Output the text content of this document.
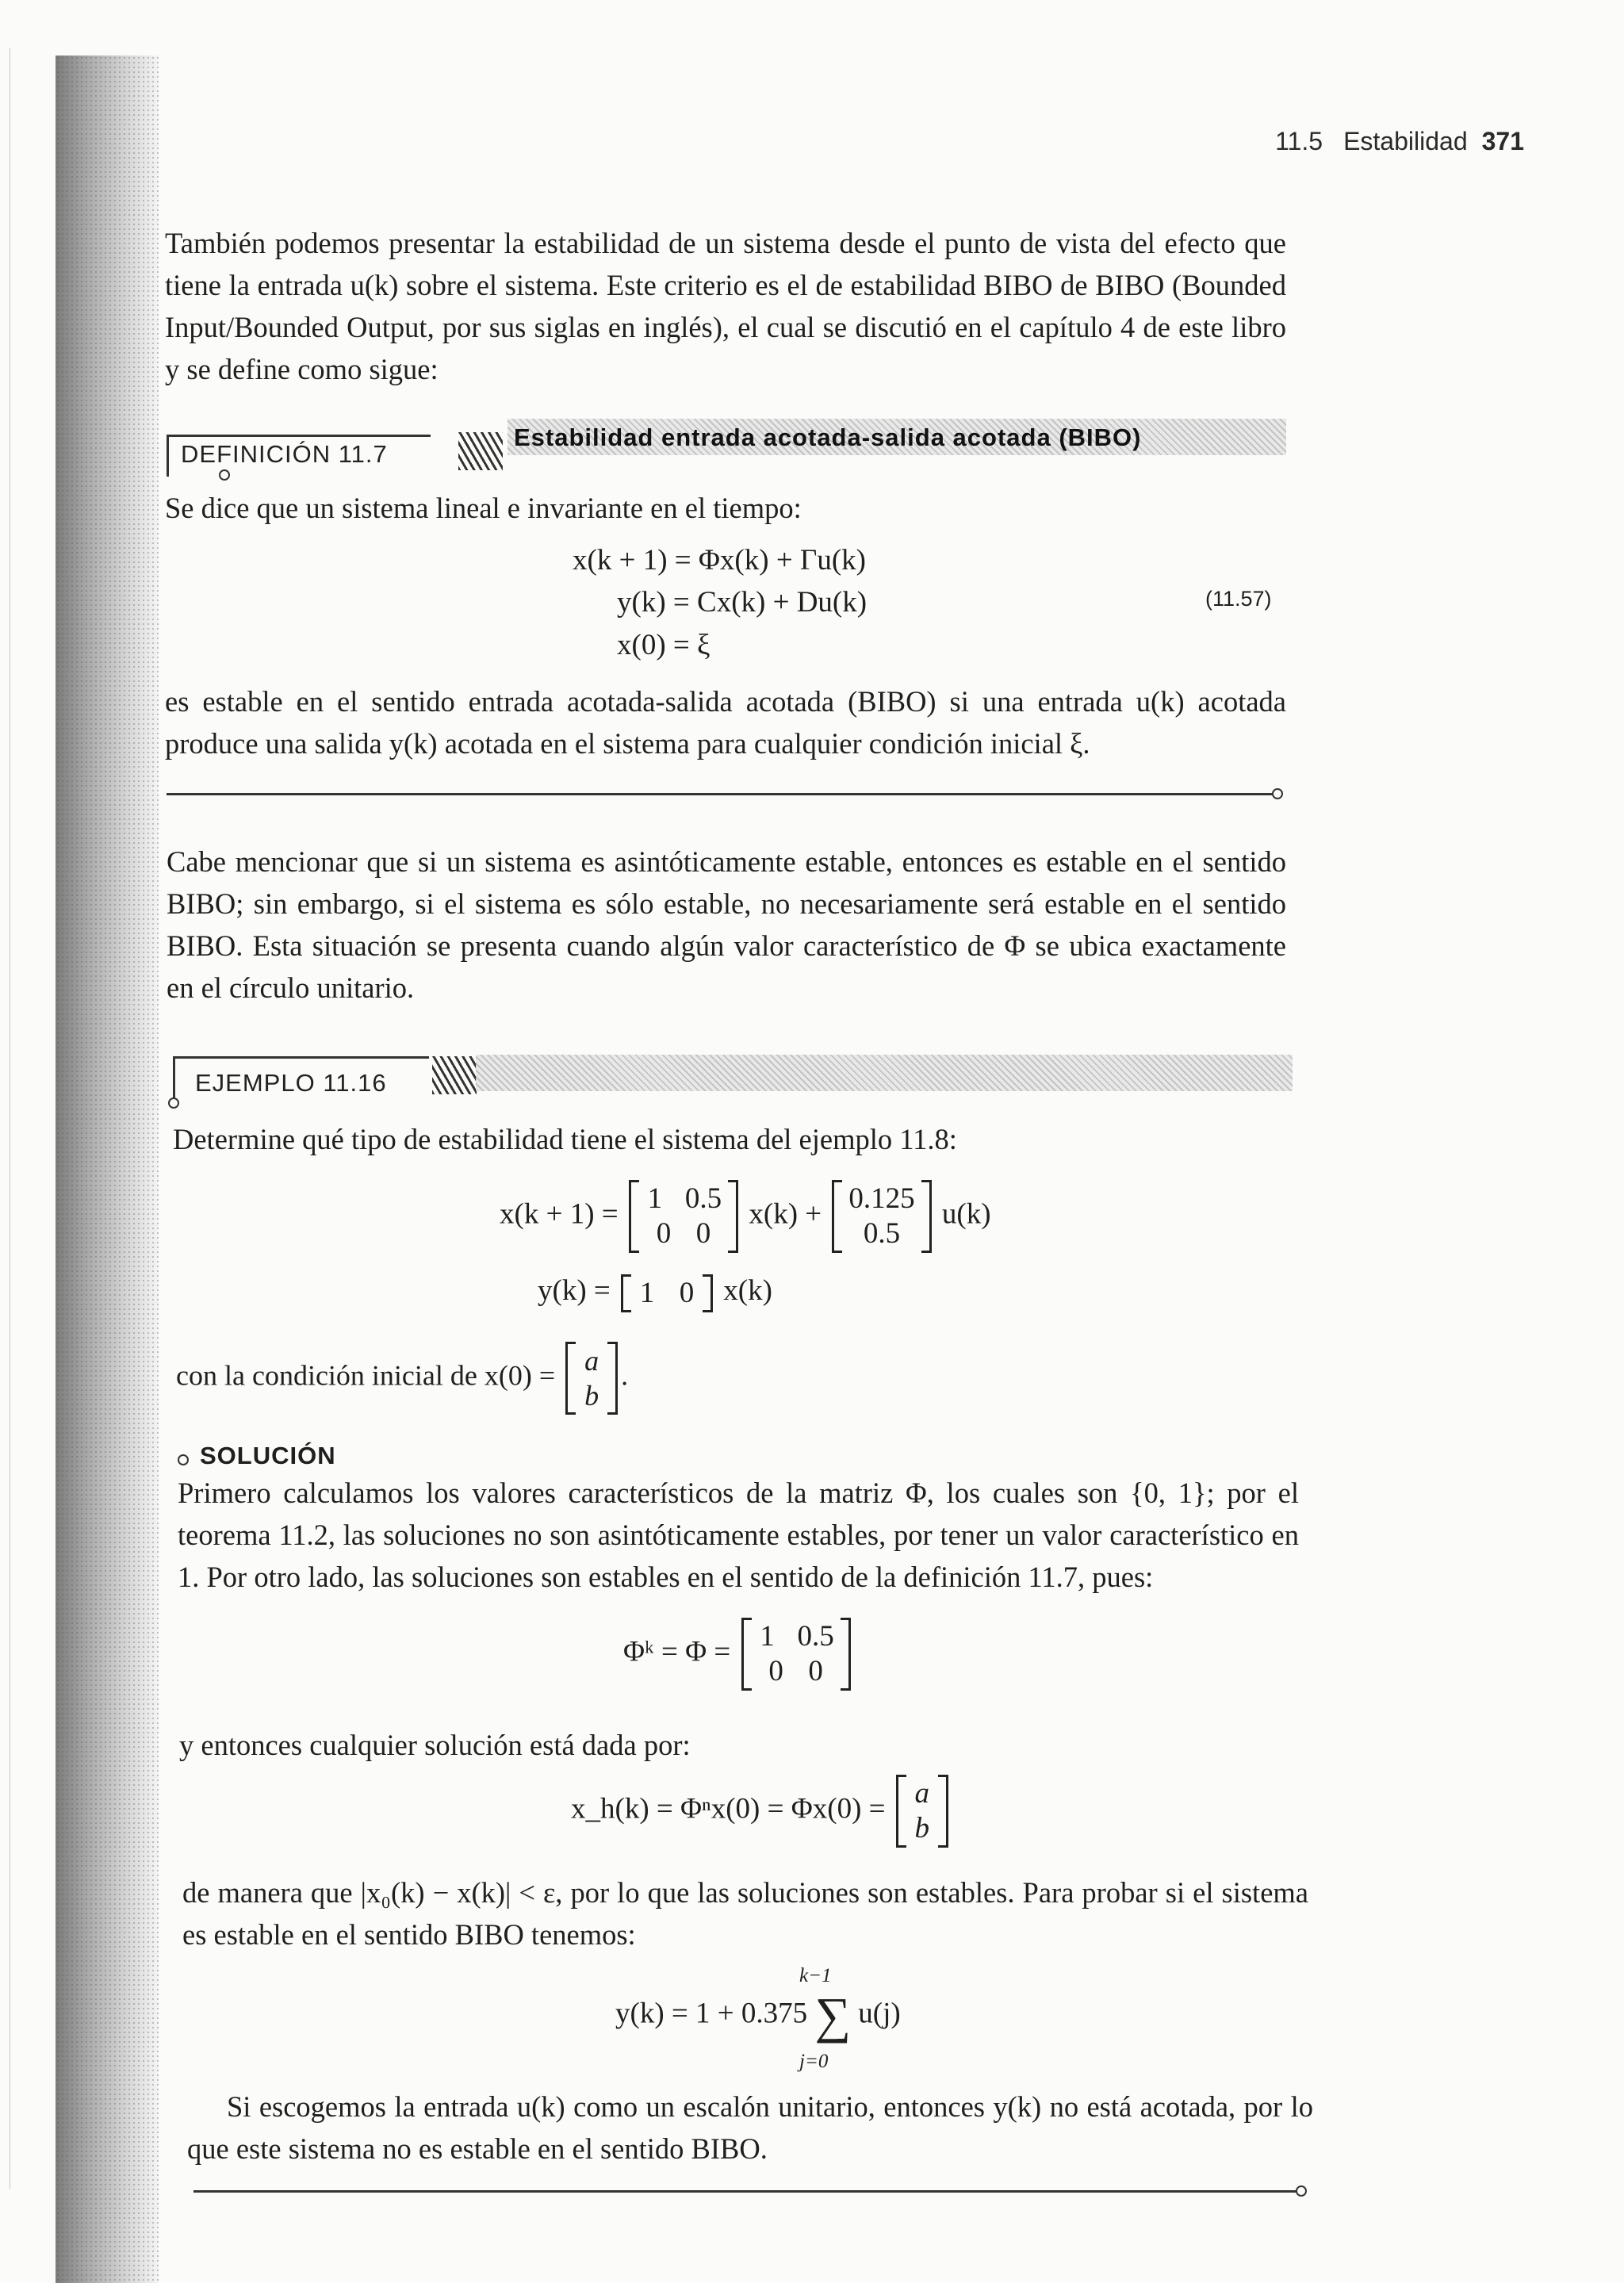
11.5 Estabilidad 371

También podemos presentar la estabilidad de un sistema desde el punto de vista del efecto que tiene la entrada u(k) sobre el sistema. Este criterio es el de estabilidad BIBO de BIBO (Bounded Input/Bounded Output, por sus siglas en inglés), el cual se discutió en el capítulo 4 de este libro y se define como sigue:

DEFINICIÓN 11.7
Estabilidad entrada acotada-salida acotada (BIBO)

Se dice que un sistema lineal e invariante en el tiempo:

x(k + 1) = Φx(k) + Γu(k)
y(k) = Cx(k) + Du(k)
x(0) = ξ
(11.57)

es estable en el sentido entrada acotada-salida acotada (BIBO) si una entrada u(k) acotada produce una salida y(k) acotada en el sistema para cualquier condición inicial ξ.

Cabe mencionar que si un sistema es asintóticamente estable, entonces es estable en el sentido BIBO; sin embargo, si el sistema es sólo estable, no necesariamente será estable en el sentido BIBO. Esta situación se presenta cuando algún valor característico de Φ se ubica exactamente en el círculo unitario.

EJEMPLO 11.16

Determine qué tipo de estabilidad tiene el sistema del ejemplo 11.8:

x(k + 1) = 1 0.5
0 0
x(k) + 0.125
0.5
u(k)
y(k) = 1 0 x(k)
con la condición inicial de x(0) = a
b
.
SOLUCIÓN

Primero calculamos los valores característicos de la matriz Φ, los cuales son {0, 1}; por el teorema 11.2, las soluciones no son asintóticamente estables, por tener un valor característico en 1. Por otro lado, las soluciones son estables en el sentido de la definición 11.7, pues:

Φᵏ = Φ = 1 0.5
0 0

y entonces cualquier solución está dada por:

x_h(k) = Φⁿx(0) = Φx(0) = a
b

de manera que |x₀(k) − x(k)| < ε, por lo que las soluciones son estables. Para probar si el sistema es estable en el sentido BIBO tenemos:

y(k) = 1 + 0.375 ∑ u(j)
k−1
j=0

Si escogemos la entrada u(k) como un escalón unitario, entonces y(k) no está acotada, por lo que este sistema no es estable en el sentido BIBO.
